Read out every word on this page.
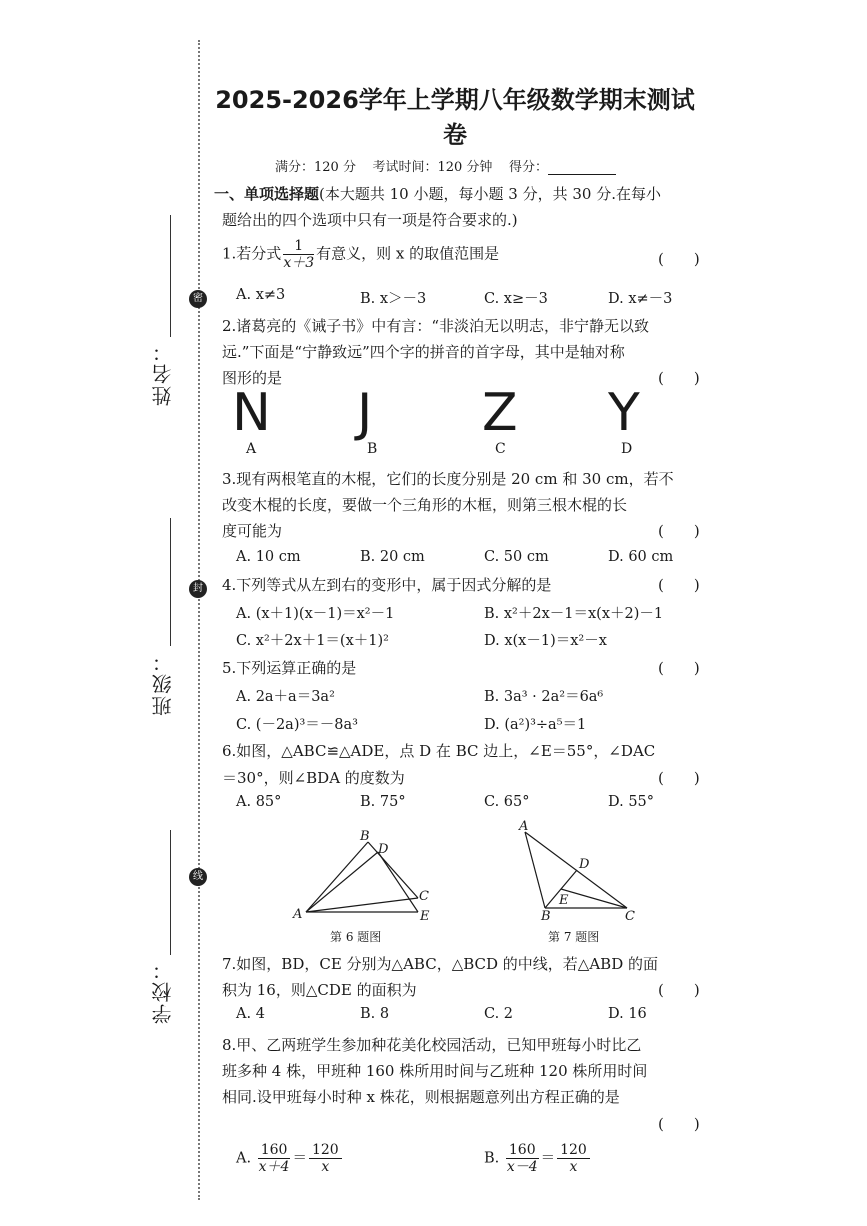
密
封
线
姓名：
班级：
学校：
2025-2026学年上学期八年级数学期末测试卷
满分：120 分 考试时间：120 分钟 得分：
一、单项选择题(本大题共 10 小题，每小题 3 分，共 30 分.在每小
题给出的四个选项中只有一项是符合要求的.)
1.若分式 $\frac{1}{x+3}$ 有意义，则 x 的取值范围是	(　　)
A. x≠3	B. x＞－3	C. x≥－3	D. x≠－3
2.诸葛亮的《诫子书》中有言：“非淡泊无以明志，非宁静无以致
远.”下面是“宁静致远”四个字的拼音的首字母，其中是轴对称
图形的是	(　　)
N J Z Y
A	B	C	D
3.现有两根笔直的木棍，它们的长度分别是 20 cm 和 30 cm，若不
改变木棍的长度，要做一个三角形的木框，则第三根木棍的长
度可能为	(　　)
A. 10 cm	B. 20 cm	C. 50 cm	D. 60 cm
4.下列等式从左到右的变形中，属于因式分解的是	(　　)
A. (x＋1)(x－1)＝x²－1	B. x²＋2x－1＝x(x＋2)－1
C. x²＋2x＋1＝(x＋1)²	D. x(x－1)＝x²－x
5.下列运算正确的是	(　　)
A. 2a＋a＝3a²	B. 3a³ · 2a²＝6a⁶
C. (－2a)³＝－8a³	D. (a²)³÷a⁵＝1
6.如图，△ABC≌△ADE，点 D 在 BC 边上，∠E＝55°，∠DAC
＝30°，则∠BDA 的度数为	(　　)
A. 85°	B. 75°	C. 65°	D. 55°
A
B
C
D
E
第 6 题图
A
B	C
D
E
第 7 题图
7.如图，BD，CE 分别为△ABC，△BCD 的中线，若△ABD 的面
积为 16，则△CDE 的面积为	(　　)
A. 4	B. 8	C. 2	D. 16
8.甲、乙两班学生参加种花美化校园活动，已知甲班每小时比乙
班多种 4 株，甲班种 160 株所用时间与乙班种 120 株所用时间
相同.设甲班每小时种 x 株花，则根据题意列出方程正确的是
(　　)
A. $\frac{160}{x+4} = \frac{120}{x}$	B. $\frac{160}{x-4} = \frac{120}{x}$
